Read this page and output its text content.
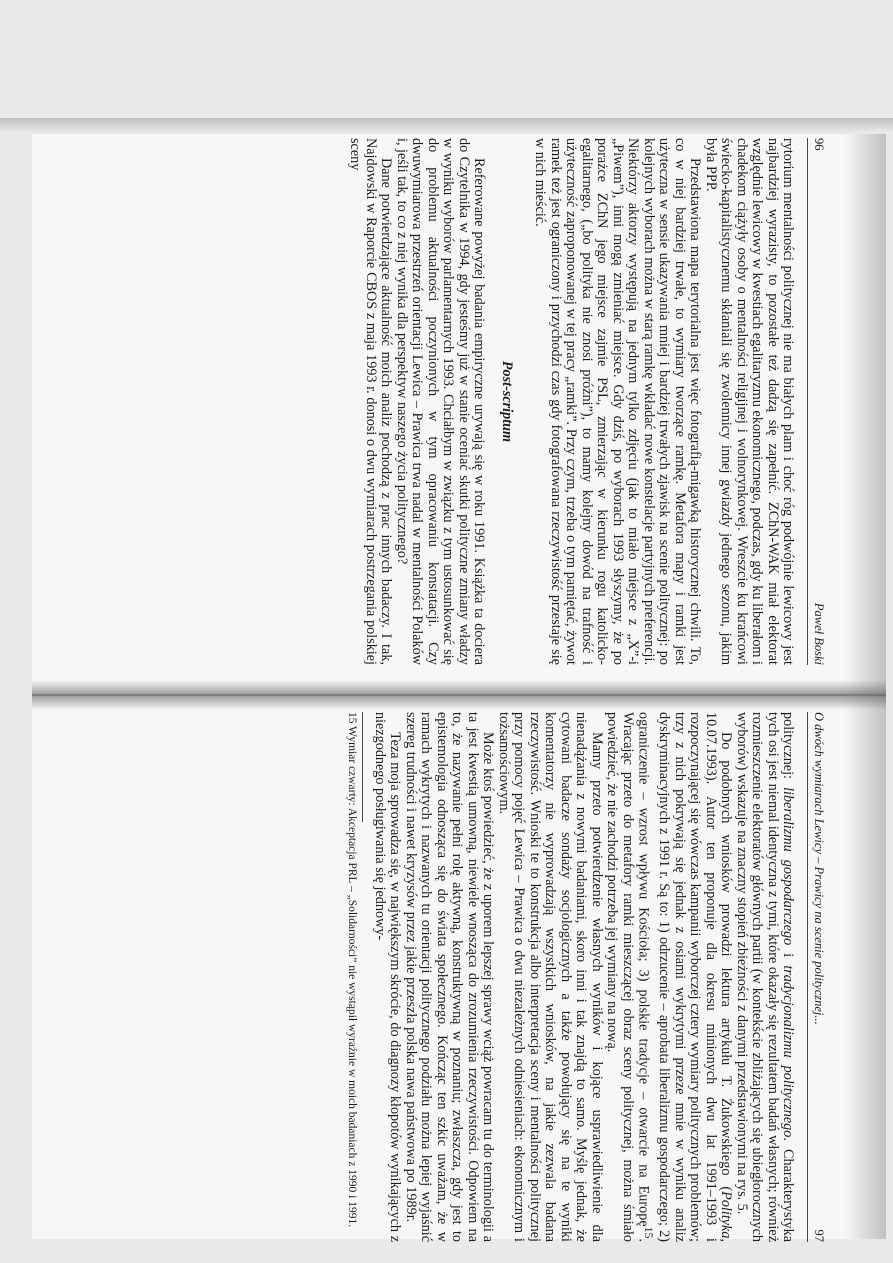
96
Paweł Boski

rytorium mentalności politycznej nie ma białych plam i choć róg podwójnie lewicowy jest najbardziej wyrazisty, to pozostałe też dadzą się zapełnić. ZChN-WAK miał elektorat względnie lewicowy w kwestiach egalitaryzmu ekonomicznego, podczas, gdy ku liberałom i chadekom ciążyły osoby o mentalności religijnej i wolnorynkowej. Wreszcie ku krańcowi świecko-kapitalistycznemu skłaniali się zwolennicy innej gwiazdy jednego sezonu, jakim była PPP.

Przedstawiona mapa terytorialna jest więc fotografią-migawką historycznej chwili. To, co w niej bardziej trwałe, to wymiary tworzące ramkę. Metafora mapy i ramki jest użyteczna w sensie ukazywania mniej i bardziej trwałych zjawisk na scenie politycznej: po kolejnych wyborach można w starą ramkę wkładać nowe konstelacje partyjnych preferencji. Niektórzy aktorzy występują na jednym tylko zdjęciu (jak to miało miejsce z „X”-i „Piwem”), inni mogą zmieniać miejsce. Gdy dziś, po wyborach 1993 słyszymy, że po porażce ZChN jego miejsce zajmie PSL, zmierzając w kierunku rogu katolicko-egalitarnego, („bo polityka nie znosi próżni”), to mamy kolejny dowód na trafność i użyteczność zaproponowanej w tej pracy „ramki”. Przy czym, trzeba o tym pamiętać, żywot ramek też jest ograniczony i przychodzi czas gdy fotografowana rzeczywistość przestaje się w nich mieścić.

Post-scriptum

Referowane powyżej badania empiryczne urywają się w roku 1991. Książka ta dociera do Czytelnika w 1994, gdy jesteśmy już w stanie oceniać skutki polityczne zmiany władzy w wyniku wyborów parlamentarnych 1993. Chciałbym w związku z tym ustosunkować się do problemu aktualności poczynionych w tym opracowaniu konstatacji. Czy dwuwymiarowa przestrzeń orientacji Lewica – Prawica trwa nadal w mentalności Polaków i, jeśli tak, to co z niej wynika dla perspektyw naszego życia politycznego?

Dane potwierdzające aktualność moich analiz pochodzą z prac innych badaczy. I tak, Najdowski w Raporcie CBOS z maja 1993 r. donosi o dwu wymiarach postrzegania polskiej sceny

O dwóch wymiarach Lewicy – Prawicy na scenie politycznej...
97

politycznej: liberalizmu gospodarczego i tradycjonalizmu politycznego. Charakterystyka tych osi jest niemal identyczna z tymi, które okazały się rezultatem badań własnych; również rozmieszczenie elektoratów głównych partii (w kontekście zbliżających się ubiegłorocznych wyborów) wskazuje na znaczny stopień zbieżności z danymi przedstawionymi na rys. 5.

Do podobnych wniosków prowadzi lektura artykułu T. Żukowskiego (Polityka, 10.07.1993). Autor ten proponuje dla okresu minionych dwu lat 1991–1993 i rozpoczynającej się wówczas kampanii wyborczej cztery wymiary politycznych problemów; trzy z nich pokrywają się jednak z osiami wykrytymi przeze mnie w wyniku analiz dyskryminacyjnych z 1991 r. Są to: 1) odrzucenie – aprobata liberalizmu gospodarczego; 2) ograniczenie – wzrost wpływu Kościoła; 3) polskie tradycje – otwarcie na Europę$^{15}$. Wracając przeto do metafory ramki mieszczącej obraz sceny politycznej, można śmiało powiedzieć, że nie zachodzi potrzeba jej wymiany na nową.

Mamy przeto potwierdzenie własnych wyników i kojące usprawiedliwienie dla nienadążania z nowymi badaniami, skoro inni i tak znajdą to samo. Myślę jednak, że cytowani badacze sondaży socjologicznych a także powołujący się na te wyniki komentatorzy nie wyprowadzają wszystkich wniosków, na jakie zezwala badana rzeczywistość. Wnioski te to konstrukcja albo interpretacja sceny i mentalności politycznej przy pomocy pojęć Lewica – Prawica o dwu niezależnych odniesieniach: ekonomicznym i tożsamościowym.

Może ktoś powiedzieć, że z uporem lepszej sprawy wciąż powracam tu do terminologii a ta jest kwestią umowną, niewiele wnosząca do zrozumienia rzeczywistości. Odpowiem na to, że nazywanie pełni rolę aktywną, konstruktywną w poznaniu; zwłaszcza, gdy jest to epistemologia odnosząca się do świata społecznego. Kończąc ten szkic uważam, że w ramach wykrytych i nazwanych tu orientacji politycznego podziału można lepiej wyjaśnić szereg trudności i nawet kryzysów przez jakie przeszła polska nawa państwowa po 1989r.

Teza moja sprowadza się, w największym skrócie, do diagnozy kłopotów wynikających z niezgodnego posługiwania się jednowy-

15 Wymiar czwarty: Akceptacja PRL – „Solidarności” nie wystąpił wyraźnie w moich badaniach z 1990 i 1991.
